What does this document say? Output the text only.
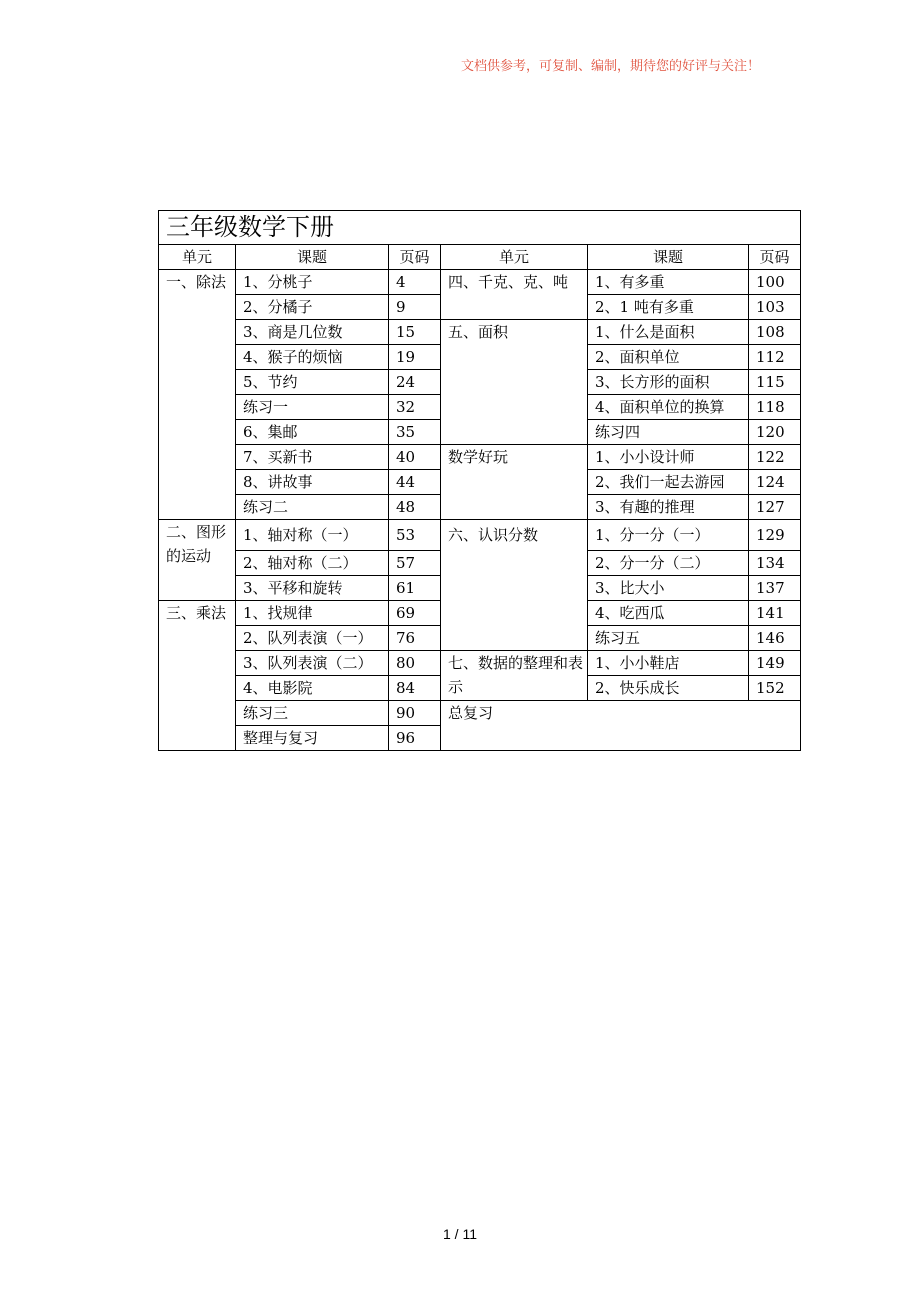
文档供参考，可复制、编制，期待您的好评与关注！
三年级数学下册					
单元	课题	页码	单元	课题	页码
一、除法	1、分桃子	4	四、千克、克、吨	1、有多重	100
	2、分橘子	9		2、1 吨有多重	103
	3、商是几位数	15	五、面积	1、什么是面积	108
	4、猴子的烦恼	19		2、面积单位	112
	5、节约	24		3、长方形的面积	115
	练习一	32		4、面积单位的换算	118
	6、集邮	35		练习四	120
	7、买新书	40	数学好玩	1、小小设计师	122
	8、讲故事	44		2、我们一起去游园	124
	练习二	48		3、有趣的推理	127
二、图形的运动	1、轴对称（一）	53	六、认识分数	1、分一分（一）	129
	2、轴对称（二）	57		2、分一分（二）	134
	3、平移和旋转	61		3、比大小	137
三、乘法	1、找规律	69		4、吃西瓜	141
	2、队列表演（一）	76		练习五	146
	3、队列表演（二）	80	七、数据的整理和表示	1、小小鞋店	149
	4、电影院	84		2、快乐成长	152
	练习三	90	总复习		
	整理与复习	96			
1 / 11
